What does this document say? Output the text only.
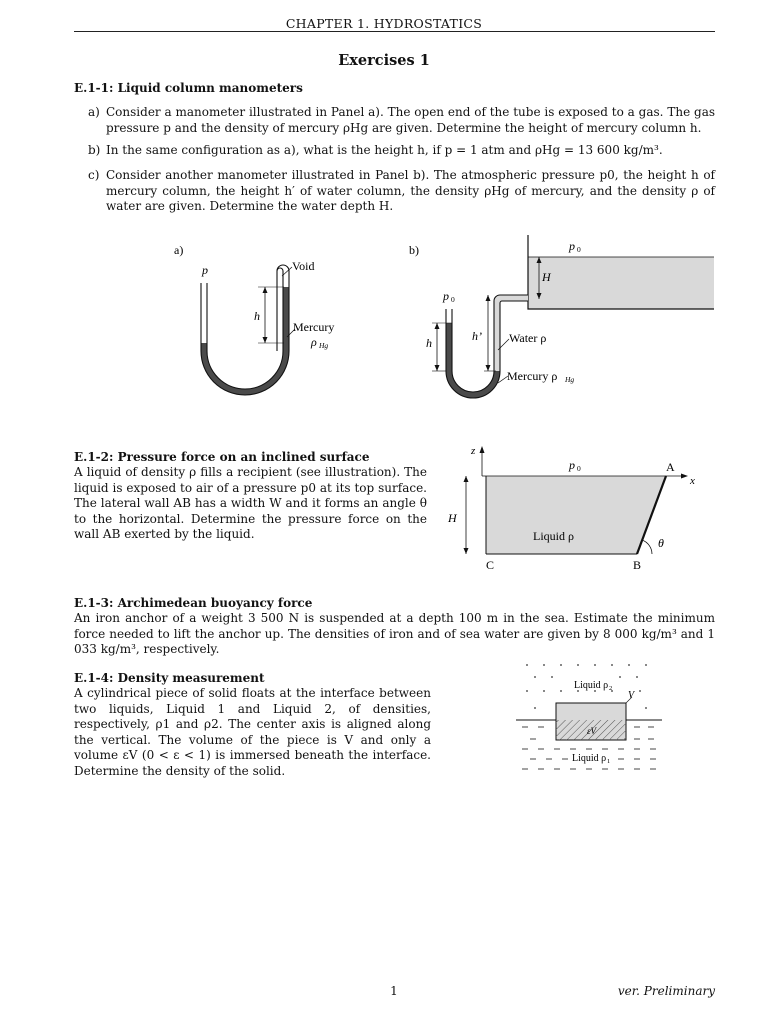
CHAPTER 1. HYDROSTATICS
Exercises 1
E.1-1: Liquid column manometers
a) Consider a manometer illustrated in Panel a). The open end of the tube is exposed to a gas. The gas pressure p and the density of mercury ρHg are given. Determine the height of mercury column h.
b) In the same configuration as a), what is the height h, if p = 1 atm and ρHg = 13 600 kg/m³.
c) Consider another manometer illustrated in Panel b). The atmospheric pressure p0, the height h of mercury column, the height h′ of water column, the density ρHg of mercury, and the density ρ of water are given. Determine the water depth H.
a)
p
h
Void
Mercury
ρ Hg
b)	p 0
H
p 0
h’
h	Water ρ
Mercury ρ Hg
E.1-2: Pressure force on an inclined surface
A liquid of density ρ fills a recipient (see illustration). The liquid is exposed to air of a pressure p0 at its top surface. The lateral wall AB has a width W and it forms an angle θ to the horizontal. Determine the pressure force on the wall AB exerted by the liquid.
z
x
p 0	A
B
C
H
Liquid ρ	θ
E.1-3: Archimedean buoyancy force
An iron anchor of a weight 3 500 N is suspended at a depth 100 m in the sea. Estimate the minimum force needed to lift the anchor up. The densities of iron and of sea water are given by 8 000 kg/m³ and 1 033 kg/m³, respectively.
E.1-4: Density measurement
A cylindrical piece of solid floats at the interface between two liquids, Liquid 1 and Liquid 2, of densities, respectively, ρ1 and ρ2. The center axis is aligned along the vertical. The volume of the piece is V and only a volume εV (0 < ε < 1) is immersed beneath the interface. Determine the density of the solid.
Liquid ρ 2
V
εV
Liquid ρ 1
1	ver. Preliminary
